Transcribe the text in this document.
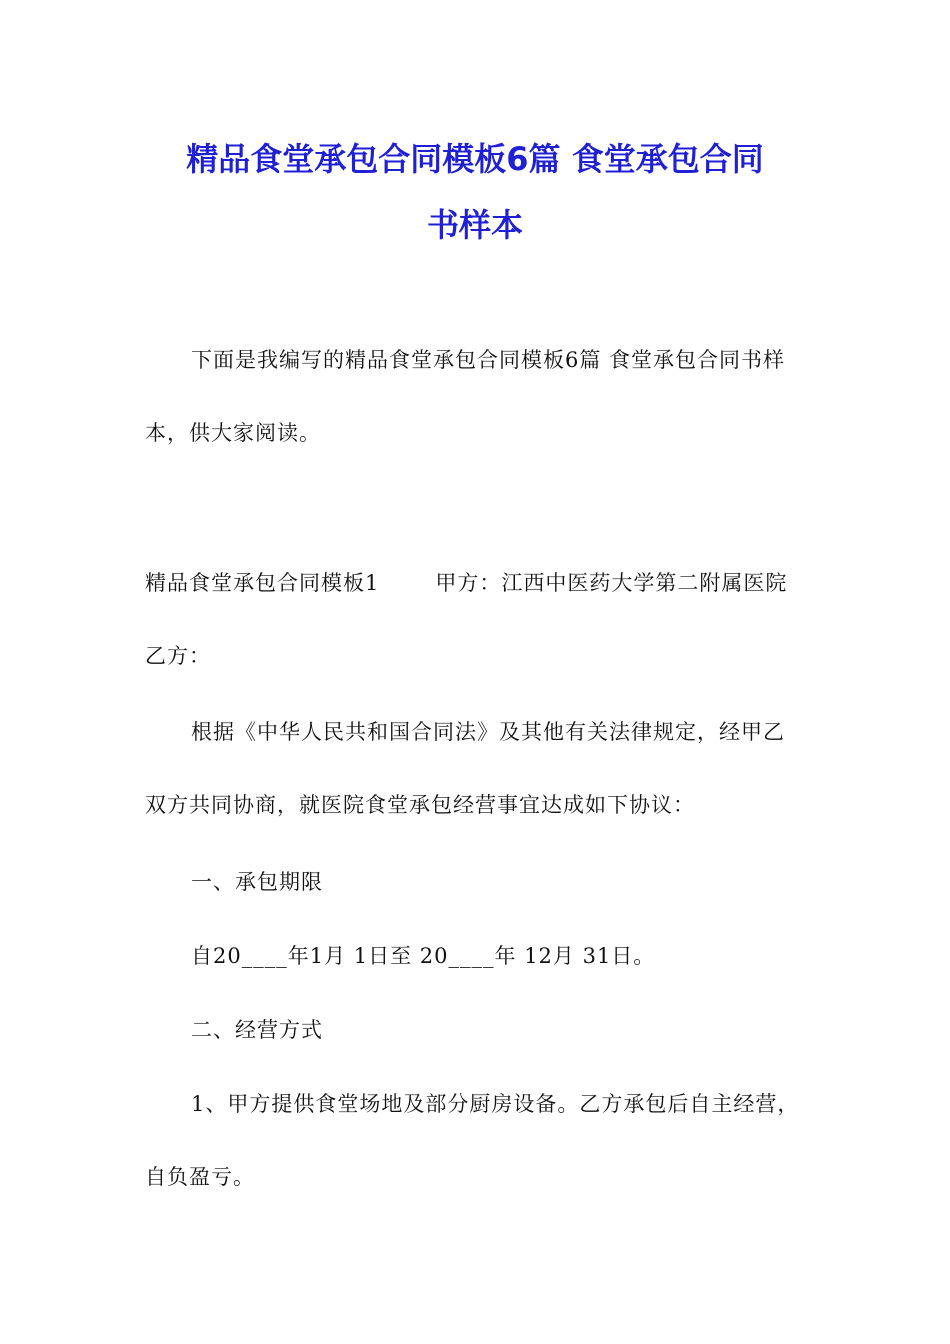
精品食堂承包合同模板6篇 食堂承包合同
书样本

下面是我编写的精品食堂承包合同模板6篇 食堂承包合同书样本，供大家阅读。

精品食堂承包合同模板1	甲方：江西中医药大学第二附属医院 乙方：

根据《中华人民共和国合同法》及其他有关法律规定，经甲乙双方共同协商，就医院食堂承包经营事宜达成如下协议：

一、承包期限

自20____年1月 1日至 20____年 12月 31日。

二、经营方式

1、甲方提供食堂场地及部分厨房设备。乙方承包后自主经营，自负盈亏。
